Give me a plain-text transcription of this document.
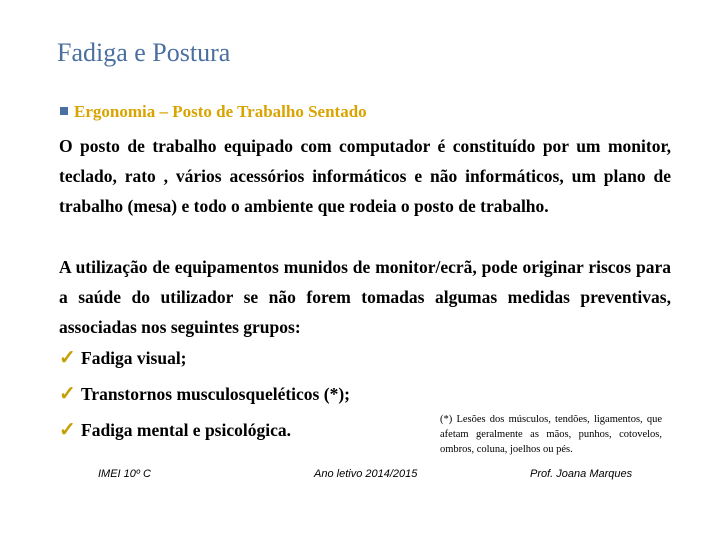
Fadiga e Postura
Ergonomia – Posto de Trabalho Sentado
O posto de trabalho equipado com computador é constituído por um monitor, teclado, rato , vários acessórios informáticos e não informáticos, um plano de trabalho (mesa) e todo o ambiente que rodeia o posto de trabalho.
A utilização de equipamentos munidos de monitor/ecrã, pode originar riscos para a saúde do utilizador se não forem tomadas algumas medidas preventivas, associadas nos seguintes grupos:
✓ Fadiga visual;
✓ Transtornos musculosqueléticos (*);
✓ Fadiga mental e psicológica.
(*) Lesões dos músculos, tendões, ligamentos, que afetam geralmente as mãos, punhos, cotovelos, ombros, coluna, joelhos ou pés.
IMEI 10º C	Ano letivo 2014/2015	Prof. Joana Marques
